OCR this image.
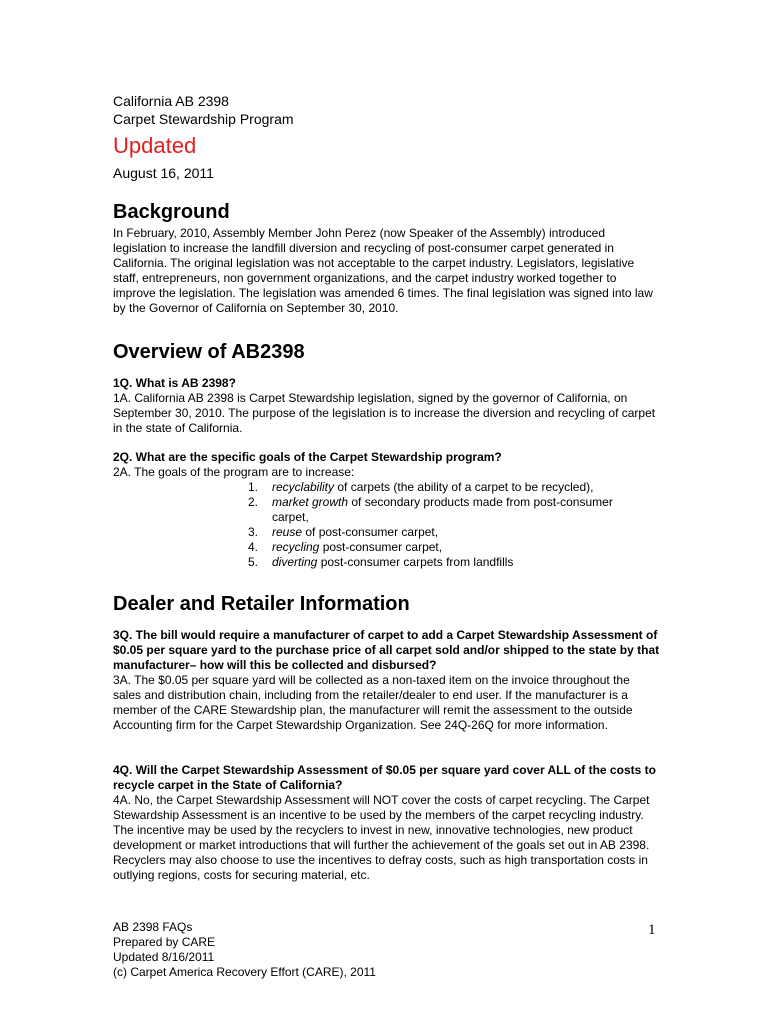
California AB 2398
Carpet Stewardship Program
Updated
August 16, 2011
Background
In February, 2010, Assembly Member John Perez (now Speaker of the Assembly) introduced legislation to increase the landfill diversion and recycling of post-consumer carpet generated in California. The original legislation was not acceptable to the carpet industry. Legislators, legislative staff, entrepreneurs, non government organizations, and the carpet industry worked together to improve the legislation. The legislation was amended 6 times. The final legislation was signed into law by the Governor of California on September 30, 2010.
Overview of AB2398
1Q. What is AB 2398?
1A. California AB 2398 is Carpet Stewardship legislation, signed by the governor of California, on September 30, 2010. The purpose of the legislation is to increase the diversion and recycling of carpet in the state of California.
2Q. What are the specific goals of the Carpet Stewardship program?
2A. The goals of the program are to increase:
1.	recyclability of carpets (the ability of a carpet to be recycled),
2.	market growth of secondary products made from post-consumer carpet,
3.	reuse of post-consumer carpet,
4.	recycling post-consumer carpet,
5.	diverting post-consumer carpets from landfills
Dealer and Retailer Information
3Q. The bill would require a manufacturer of carpet to add a Carpet Stewardship Assessment of $0.05 per square yard to the purchase price of all carpet sold and/or shipped to the state by that manufacturer– how will this be collected and disbursed?
3A. The $0.05 per square yard will be collected as a non-taxed item on the invoice throughout the sales and distribution chain, including from the retailer/dealer to end user. If the manufacturer is a member of the CARE Stewardship plan, the manufacturer will remit the assessment to the outside Accounting firm for the Carpet Stewardship Organization. See 24Q-26Q for more information.
4Q. Will the Carpet Stewardship Assessment of $0.05 per square yard cover ALL of the costs to recycle carpet in the State of California?
4A. No, the Carpet Stewardship Assessment will NOT cover the costs of carpet recycling. The Carpet Stewardship Assessment is an incentive to be used by the members of the carpet recycling industry. The incentive may be used by the recyclers to invest in new, innovative technologies, new product development or market introductions that will further the achievement of the goals set out in AB 2398. Recyclers may also choose to use the incentives to defray costs, such as high transportation costs in outlying regions, costs for securing material, etc.
AB 2398 FAQs
Prepared by CARE
Updated 8/16/2011
(c) Carpet America Recovery Effort (CARE), 2011
1
